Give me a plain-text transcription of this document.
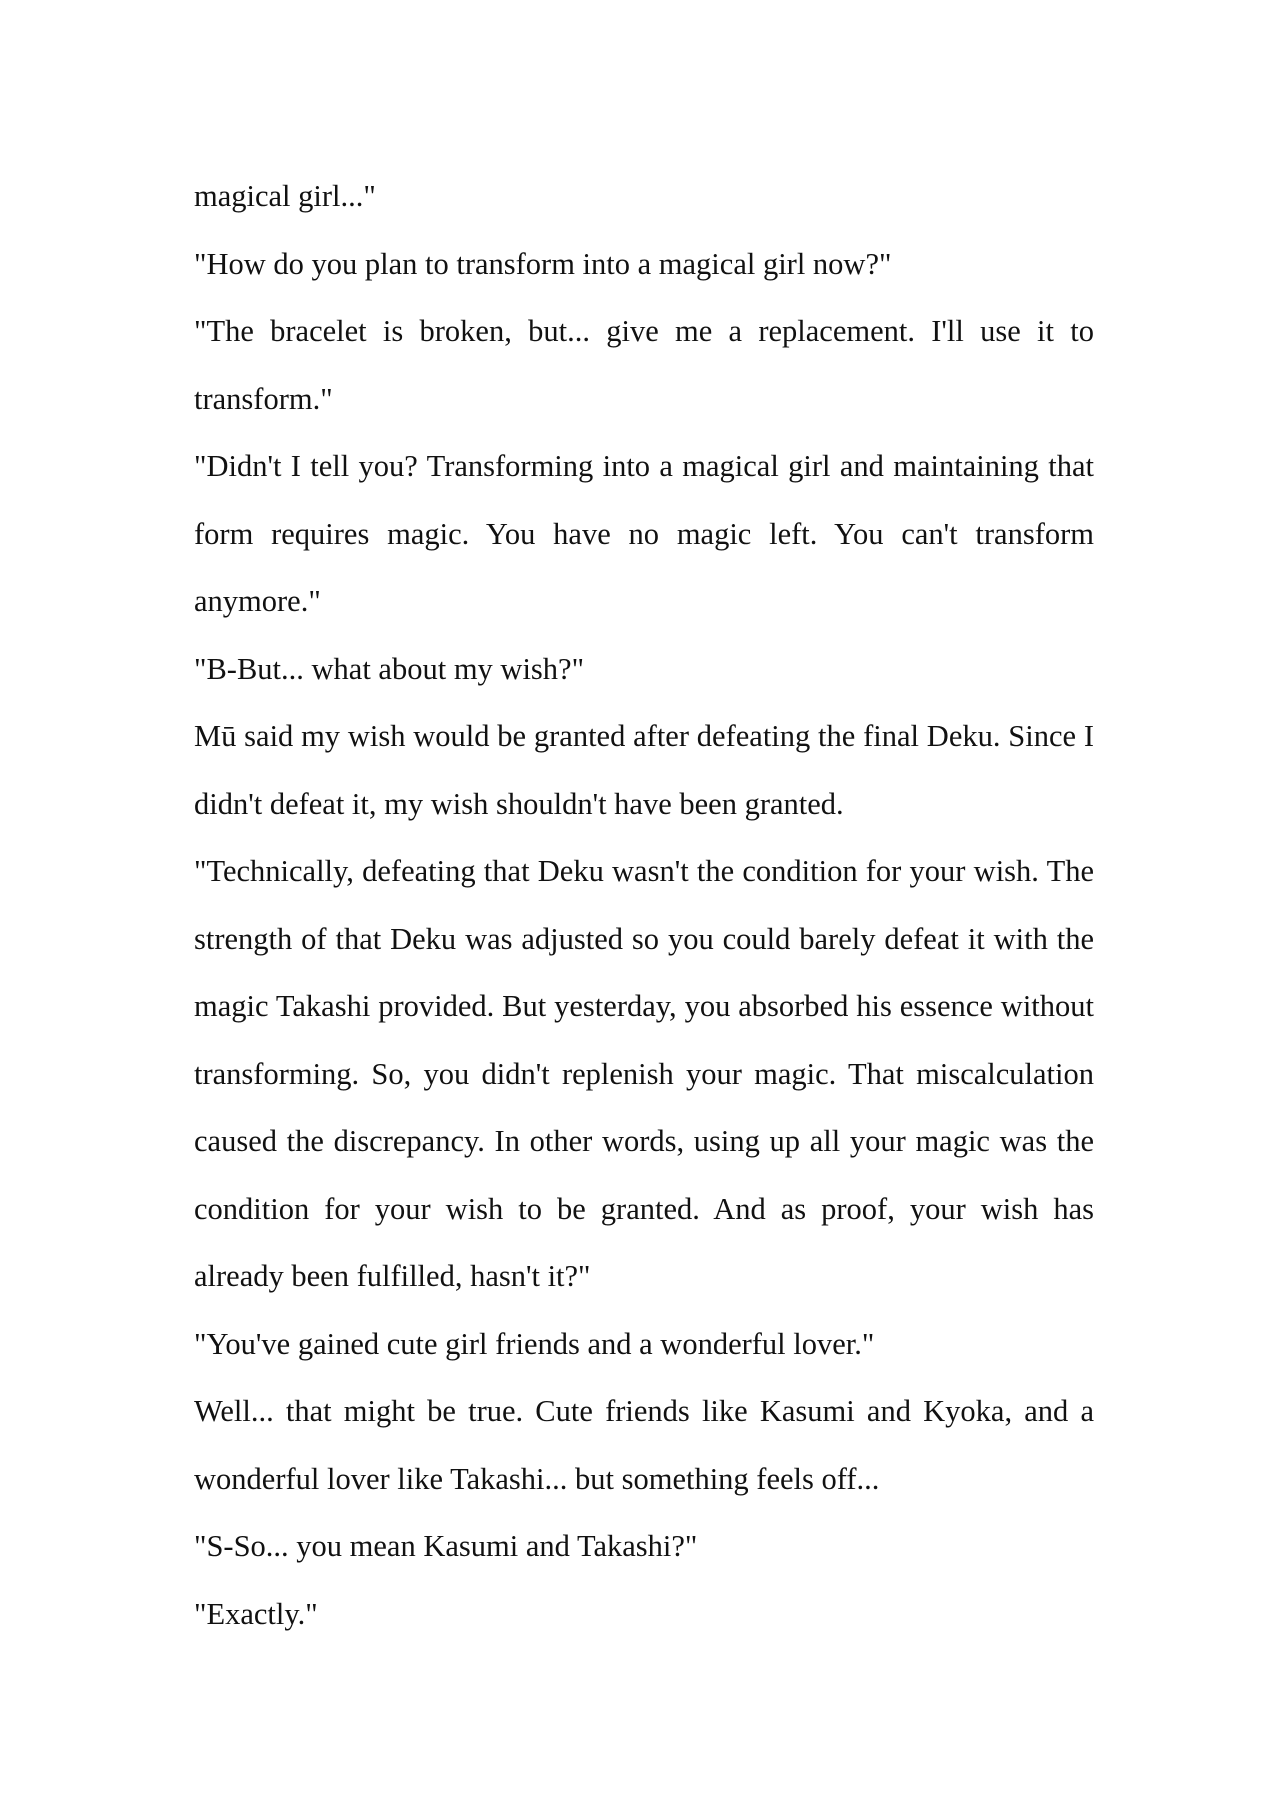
magical girl..."

"How do you plan to transform into a magical girl now?"

"The bracelet is broken, but... give me a replacement. I'll use it to transform."

"Didn't I tell you? Transforming into a magical girl and maintaining that form requires magic. You have no magic left. You can't transform anymore."

"B-But... what about my wish?"

Mū said my wish would be granted after defeating the final Deku. Since I didn't defeat it, my wish shouldn't have been granted.

"Technically, defeating that Deku wasn't the condition for your wish. The strength of that Deku was adjusted so you could barely defeat it with the magic Takashi provided. But yesterday, you absorbed his essence without transforming. So, you didn't replenish your magic. That miscalculation caused the discrepancy. In other words, using up all your magic was the condition for your wish to be granted. And as proof, your wish has already been fulfilled, hasn't it?"

"You've gained cute girl friends and a wonderful lover."

Well... that might be true. Cute friends like Kasumi and Kyoka, and a wonderful lover like Takashi... but something feels off...

"S-So... you mean Kasumi and Takashi?"

"Exactly."
